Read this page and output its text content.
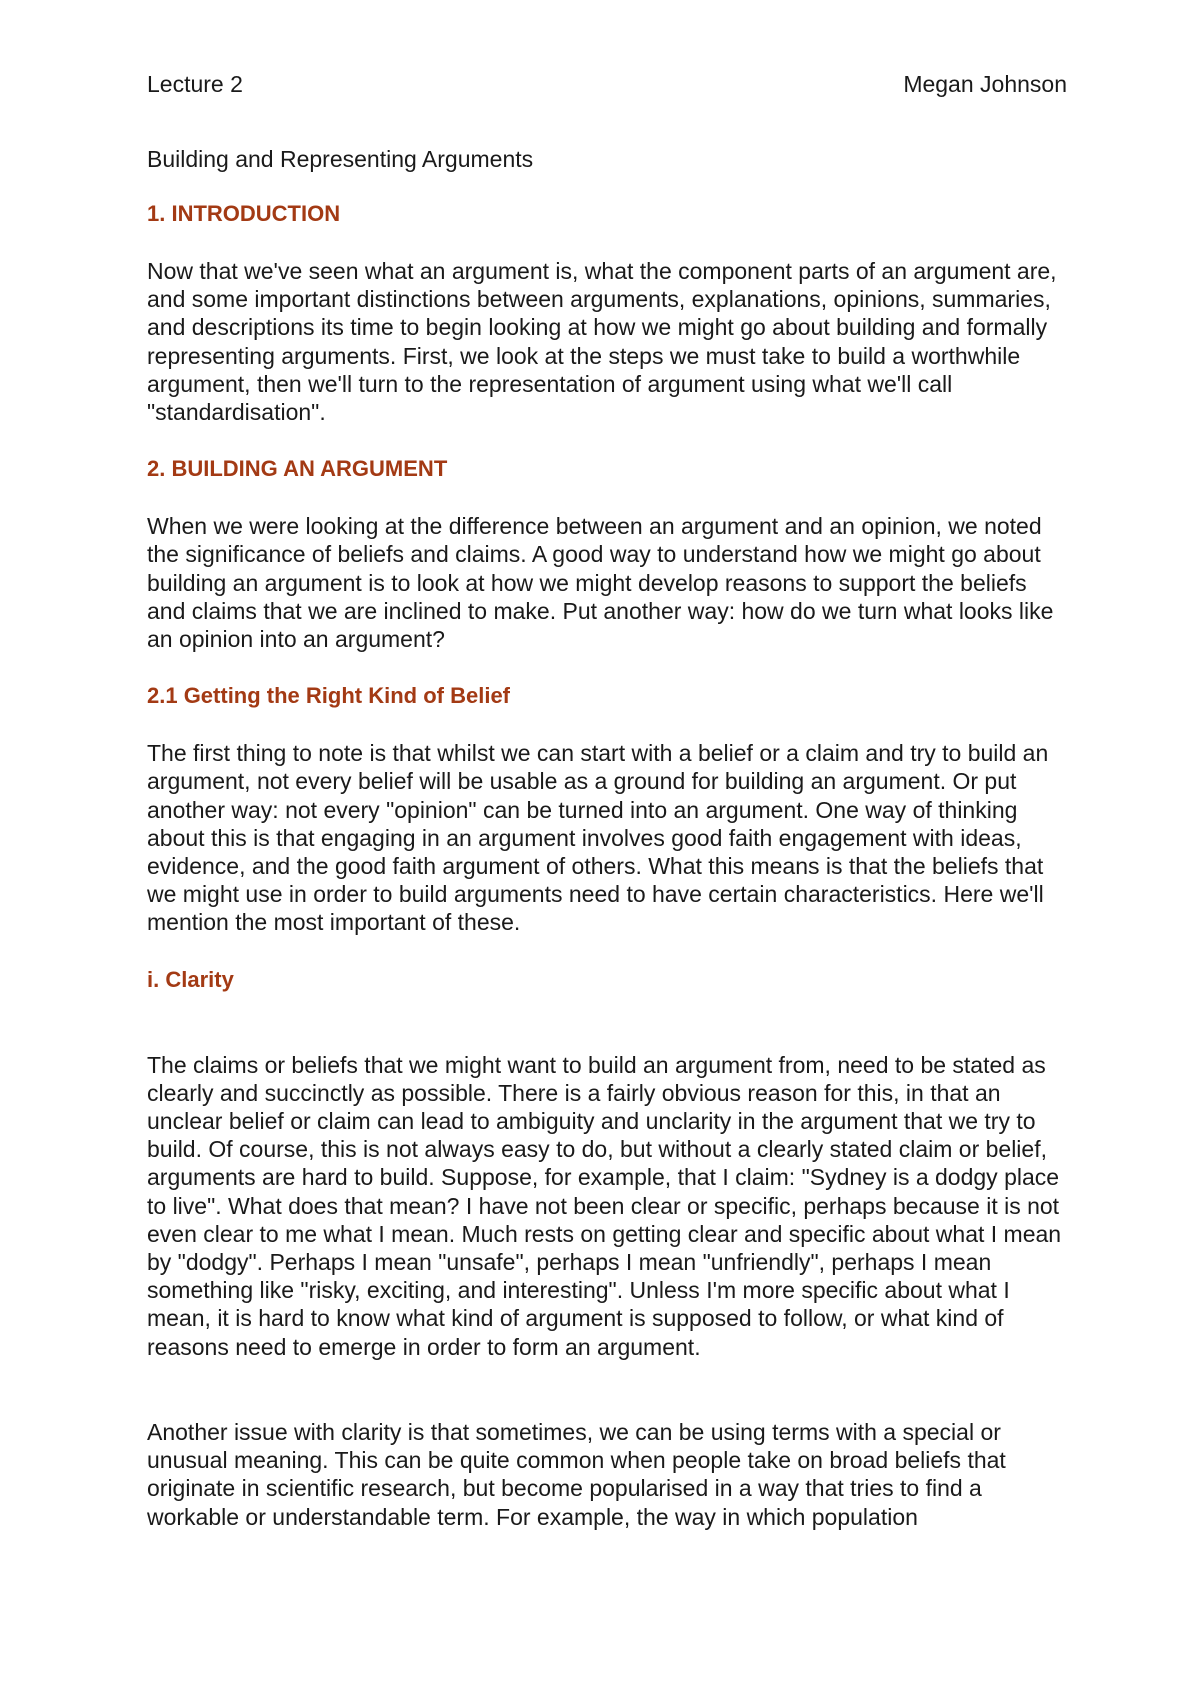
Lecture 2	Megan Johnson
Building and Representing Arguments
1. INTRODUCTION

Now that we've seen what an argument is, what the component parts of an argument are, and some important distinctions between arguments, explanations, opinions, summaries, and descriptions its time to begin looking at how we might go about building and formally representing arguments. First, we look at the steps we must take to build a worthwhile argument, then we'll turn to the representation of argument using what we'll call "standardisation".

2. BUILDING AN ARGUMENT

When we were looking at the difference between an argument and an opinion, we noted the significance of beliefs and claims. A good way to understand how we might go about building an argument is to look at how we might develop reasons to support the beliefs and claims that we are inclined to make. Put another way: how do we turn what looks like an opinion into an argument?

2.1 Getting the Right Kind of Belief

The first thing to note is that whilst we can start with a belief or a claim and try to build an argument, not every belief will be usable as a ground for building an argument. Or put another way: not every "opinion" can be turned into an argument. One way of thinking about this is that engaging in an argument involves good faith engagement with ideas, evidence, and the good faith argument of others. What this means is that the beliefs that we might use in order to build arguments need to have certain characteristics. Here we'll mention the most important of these.

i. Clarity

The claims or beliefs that we might want to build an argument from, need to be stated as clearly and succinctly as possible. There is a fairly obvious reason for this, in that an unclear belief or claim can lead to ambiguity and unclarity in the argument that we try to build. Of course, this is not always easy to do, but without a clearly stated claim or belief, arguments are hard to build. Suppose, for example, that I claim: "Sydney is a dodgy place to live". What does that mean? I have not been clear or specific, perhaps because it is not even clear to me what I mean. Much rests on getting clear and specific about what I mean by "dodgy". Perhaps I mean "unsafe", perhaps I mean "unfriendly", perhaps I mean something like "risky, exciting, and interesting". Unless I'm more specific about what I mean, it is hard to know what kind of argument is supposed to follow, or what kind of reasons need to emerge in order to form an argument.

Another issue with clarity is that sometimes, we can be using terms with a special or unusual meaning. This can be quite common when people take on broad beliefs that originate in scientific research, but become popularised in a way that tries to find a workable or understandable term. For example, the way in which population
